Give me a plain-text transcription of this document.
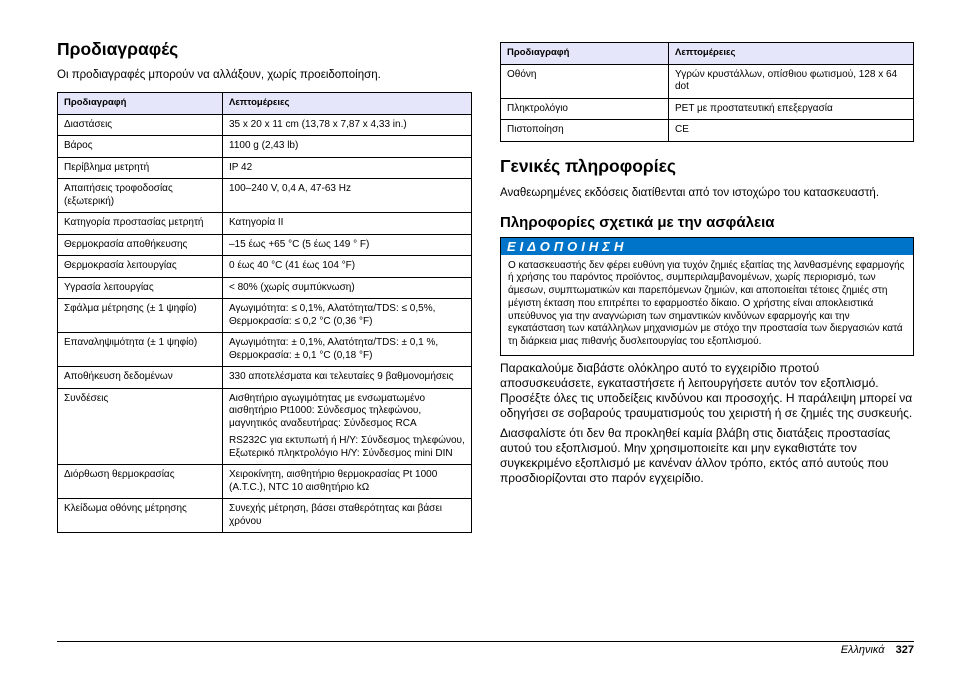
Προδιαγραφές

Οι προδιαγραφές μπορούν να αλλάξουν, χωρίς προειδοποίηση.

Προδιαγραφή	Λεπτομέρειες
Διαστάσεις	35 x 20 x 11 cm (13,78 x 7,87 x 4,33 in.)

Βάρος	1100 g (2,43 lb)

Περίβλημα μετρητή	IP 42

Απαιτήσεις τροφοδοσίας (εξωτερική)	100–240 V, 0,4 A, 47-63 Hz

Κατηγορία προστασίας μετρητή	Κατηγορία II

Θερμοκρασία αποθήκευσης	–15 έως +65 °C (5 έως 149 ° F)

Θερμοκρασία λειτουργίας	0 έως 40 °C (41 έως 104 °F)

Υγρασία λειτουργίας	< 80% (χωρίς συμπύκνωση)

Σφάλμα μέτρησης (± 1 ψηφίο)	Αγωγιμότητα: ≤ 0,1%, Αλατότητα/TDS: ≤ 0,5%, Θερμοκρασία: ≤ 0,2 °C (0,36 °F)

Επαναληψιμότητα (± 1 ψηφίο)	Αγωγιμότητα: ± 0,1%, Αλατότητα/TDS: ± 0,1 %, Θερμοκρασία: ± 0,1 °C (0,18 °F)

Αποθήκευση δεδομένων	330 αποτελέσματα και τελευταίες 9 βαθμονομήσεις

Συνδέσεις	Αισθητήριο αγωγιμότητας με ενσωματωμένο αισθητήριο Pt1000: Σύνδεσμος τηλεφώνου, μαγνητικός αναδευτήρας: Σύνδεσμος RCA
RS232C για εκτυπωτή ή Η/Υ: Σύνδεσμος τηλεφώνου, Εξωτερικό πληκτρολόγιο Η/Υ: Σύνδεσμος mini DIN

Διόρθωση θερμοκρασίας	Χειροκίνητη, αισθητήριο θερμοκρασίας Pt 1000 (A.T.C.), NTC 10 αισθητήριο kΩ

Κλείδωμα οθόνης μέτρησης	Συνεχής μέτρηση, βάσει σταθερότητας και βάσει χρόνου
Προδιαγραφή	Λεπτομέρειες
Οθόνη	Υγρών κρυστάλλων, οπίσθιου φωτισμού, 128 x 64 dot

Πληκτρολόγιο	PET με προστατευτική επεξεργασία

Πιστοποίηση	CE
Γενικές πληροφορίες

Αναθεωρημένες εκδόσεις διατίθενται από τον ιστοχώρο του κατασκευαστή.

Πληροφορίες σχετικά με την ασφάλεια
ΕΙΔΟΠΟΙΗΣΗ
Ο κατασκευαστής δεν φέρει ευθύνη για τυχόν ζημιές εξαιτίας της λανθασμένης εφαρμογής ή χρήσης του παρόντος προϊόντος, συμπεριλαμβανομένων, χωρίς περιορισμό, των άμεσων, συμπτωματικών και παρεπόμενων ζημιών, και αποποιείται τέτοιες ζημιές στη μέγιστη έκταση που επιτρέπει το εφαρμοστέο δίκαιο. Ο χρήστης είναι αποκλειστικά υπεύθυνος για την αναγνώριση των σημαντικών κινδύνων εφαρμογής και την εγκατάσταση των κατάλληλων μηχανισμών με στόχο την προστασία των διεργασιών κατά τη διάρκεια μιας πιθανής δυσλειτουργίας του εξοπλισμού.

Παρακαλούμε διαβάστε ολόκληρο αυτό το εγχειρίδιο πρoτού αποσυσκευάσετε, εγκαταστήσετε ή λειτουργήσετε αυτόν τον εξοπλισμό. Προσέξτε όλες τις υποδείξεις κινδύνου και προσοχής. Η παράλειψη μπορεί να οδηγήσει σε σοβαρούς τραυματισμούς του χειριστή ή σε ζημιές της συσκευής.

Διασφαλίστε ότι δεν θα προκληθεί καμία βλάβη στις διατάξεις προστασίας αυτού του εξοπλισμού. Μην χρησιμοποιείτε και μην εγκαθιστάτε τον συγκεκριμένο εξοπλισμό με κανέναν άλλον τρόπο, εκτός από αυτούς που προσδιορίζονται στο παρόν εγχειρίδιο.

Ελληνικά 327
